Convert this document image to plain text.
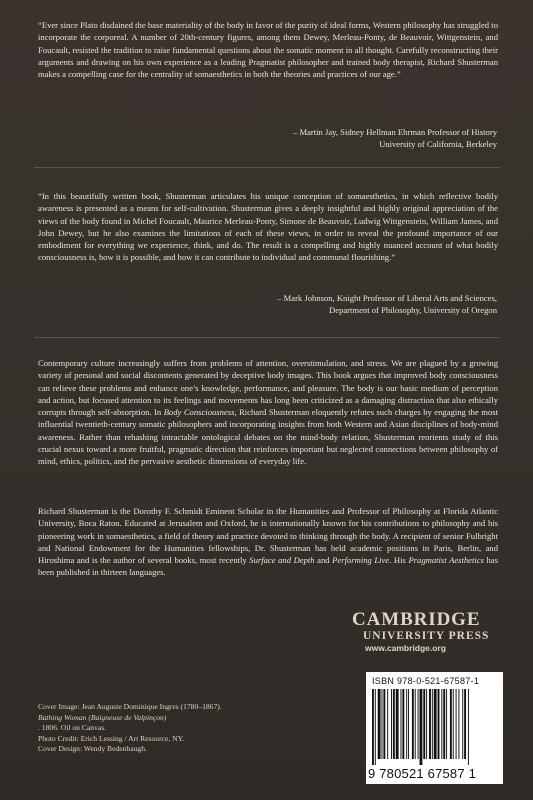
“Ever since Plato disdained the base materiality of the body in favor of the purity of ideal forms, Western philosophy has struggled to incorporate the corporeal. A number of 20th-century figures, among them Dewey, Merleau-Ponty, de Beauvoir, Wittgenstein, and Foucault, resisted the tradition to raise fundamental questions about the somatic moment in all thought. Carefully reconstructing their arguments and drawing on his own experience as a leading Pragmatist philosopher and trained body therapist, Richard Shusterman makes a compelling case for the centrality of somaesthetics in both the theories and practices of our age.”

– Martin Jay, Sidney Hellman Ehrman Professor of History
University of California, Berkeley

“In this beautifully written book, Shusterman articulates his unique conception of somaesthetics, in which reflective bodily awareness is presented as a means for self-cultivation. Shusterman gives a deeply insightful and highly original appreciation of the views of the body found in Michel Foucault, Maurice Merleau-Ponty, Simone de Beauvoir, Ludwig Wittgenstein, William James, and John Dewey, but he also examines the limitations of each of these views, in order to reveal the profound importance of our embodiment for everything we experience, think, and do. The result is a compelling and highly nuanced account of what bodily consciousness is, how it is possible, and how it can contribute to individual and communal flourishing.”

– Mark Johnson, Knight Professor of Liberal Arts and Sciences,
Department of Philosophy, University of Oregon

Contemporary culture increasingly suffers from problems of attention, overstimulation, and stress. We are plagued by a growing variety of personal and social discontents generated by deceptive body images. This book argues that improved body consciousness can relieve these problems and enhance one’s knowledge, performance, and pleasure. The body is our basic medium of perception and action, but focused attention to its feelings and movements has long been criticized as a damaging distraction that also ethically corrupts through self-absorption. In Body Consciousness, Richard Shusterman eloquently refutes such charges by engaging the most influential twentieth-century somatic philosophers and incorporating insights from both Western and Asian disciplines of body-mind awareness. Rather than rehashing intractable ontological debates on the mind-body relation, Shusterman reorients study of this crucial nexus toward a more fruitful, pragmatic direction that reinforces important but neglected connections between philosophy of mind, ethics, politics, and the pervasive aesthetic dimensions of everyday life.

Richard Shusterman is the Dorothy F. Schmidt Eminent Scholar in the Humanities and Professor of Philosophy at Florida Atlantic University, Boca Raton. Educated at Jerusalem and Oxford, he is internationally known for his contributions to philosophy and his pioneering work in somaesthetics, a field of theory and practice devoted to thinking through the body. A recipient of senior Fulbright and National Endowment for the Humanities fellowships, Dr. Shusterman has held academic positions in Paris, Berlin, and Hiroshima and is the author of several books, most recently Surface and Depth and Performing Live. His Pragmatist Aesthetics has been published in thirteen languages.

CAMBRIDGE
UNIVERSITY PRESS
www.cambridge.org
ISBN 978-0-521-67587-1
9 780521 67587 1

Cover Image: Jean Auguste Dominique Ingres (1780–1867).
Bathing Woman (Baigneuse de Valpinçon)
. 1806. Oil on Canvas.
Photo Credit: Erich Lessing / Art Resource, NY.
Cover Design: Wendy Bedenbaugh.
